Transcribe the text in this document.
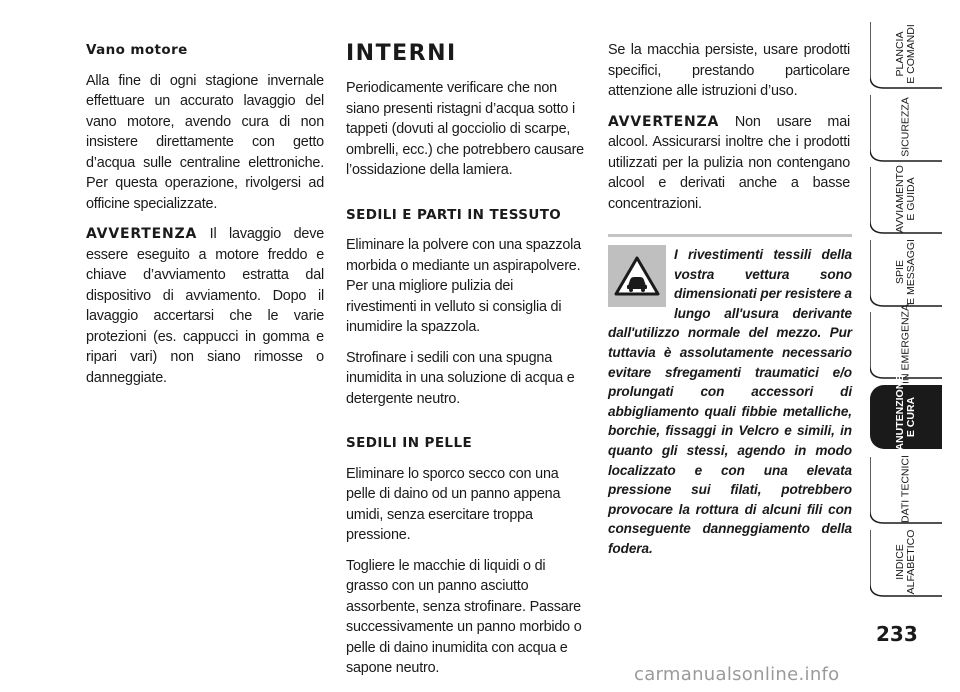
Vano motore

Alla fine di ogni stagione invernale effettuare un accurato lavaggio del vano motore, avendo cura di non insistere direttamente con getto d’acqua sulle centraline elettroniche. Per questa operazione, rivolgersi ad officine specializzate.

AVVERTENZA Il lavaggio deve essere eseguito a motore freddo e chiave d’avviamento estratta dal dispositivo di avviamento. Dopo il lavaggio accertarsi che le varie protezioni (es. cappucci in gomma e ripari vari) non siano rimosse o danneggiate.

INTERNI

Periodicamente verificare che non siano presenti ristagni d’acqua sotto i tappeti (dovuti al gocciolio di scarpe, ombrelli, ecc.) che potrebbero causare l’ossidazione della lamiera.

SEDILI E PARTI IN TESSUTO

Eliminare la polvere con una spazzola morbida o mediante un aspirapolvere. Per una migliore pulizia dei rivestimenti in velluto si consiglia di inumidire la spazzola.

Strofinare i sedili con una spugna inumidita in una soluzione di acqua e detergente neutro.

SEDILI IN PELLE

Eliminare lo sporco secco con una pelle di daino od un panno appena umidi, senza esercitare troppa pressione.

Togliere le macchie di liquidi o di grasso con un panno asciutto assorbente, senza strofinare. Passare successivamente un panno morbido o pelle di daino inumidita con acqua e sapone neutro.

Se la macchia persiste, usare prodotti specifici, prestando particolare attenzione alle istruzioni d’uso.

AVVERTENZA Non usare mai alcool. Assicurarsi inoltre che i prodotti utilizzati per la pulizia non contengano alcool e derivati anche a basse concentrazioni.

I rivestimenti tessili della vostra vettura sono dimensionati per resistere a lungo all'usura derivante dall'utilizzo normale del mezzo. Pur tuttavia è assolutamente necessario evitare sfregamenti traumatici e/o prolungati con accessori di abbigliamento quali fibbie metalliche, borchie, fissaggi in Velcro e simili, in quanto gli stessi, agendo in modo localizzato e con una elevata pressione sui filati, potrebbero provocare la rottura di alcuni fili con conseguente danneggiamento della fodera.
PLANCIA E COMANDI
SICUREZZA
AVVIAMENTO E GUIDA
SPIE E MESSAGGI
IN EMERGENZA
MANUTENZIONE E CURA
DATI TECNICI
INDICE ALFABETICO
233
carmanualsonline.info
